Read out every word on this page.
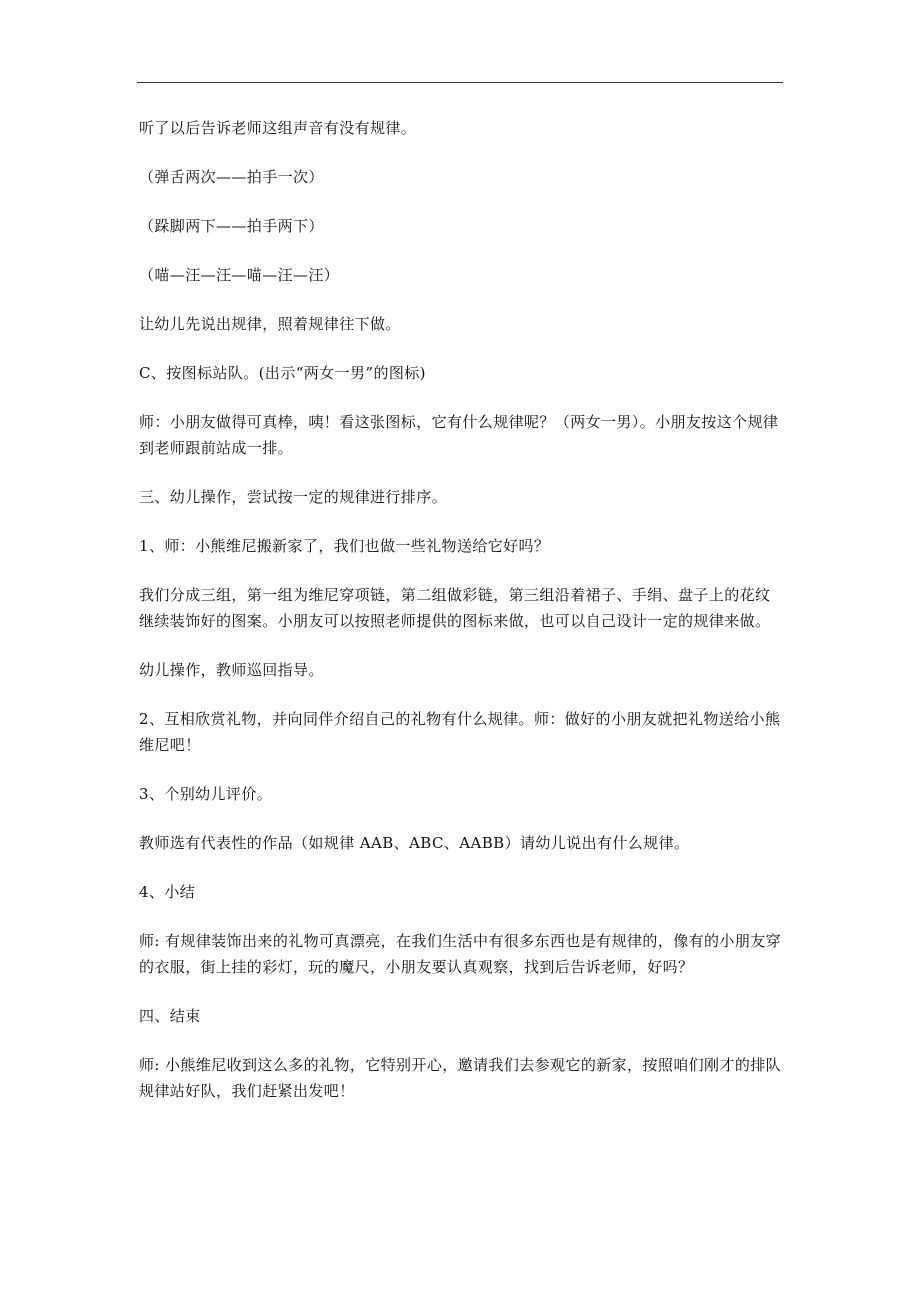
听了以后告诉老师这组声音有没有规律。

（弹舌两次——拍手一次）

（跺脚两下——拍手两下）

（喵—汪—汪—喵—汪—汪）

让幼儿先说出规律，照着规律往下做。

C、按图标站队。(出示“两女一男”的图标)

师：小朋友做得可真棒，咦！看这张图标，它有什么规律呢？（两女一男）。小朋友按这个规律到老师跟前站成一排。

三、幼儿操作，尝试按一定的规律进行排序。

1、师：小熊维尼搬新家了，我们也做一些礼物送给它好吗？

我们分成三组，第一组为维尼穿项链，第二组做彩链，第三组沿着裙子、手绢、盘子上的花纹继续装饰好的图案。小朋友可以按照老师提供的图标来做，也可以自己设计一定的规律来做。

幼儿操作，教师巡回指导。

2、互相欣赏礼物，并向同伴介绍自己的礼物有什么规律。师：做好的小朋友就把礼物送给小熊维尼吧！

3、个别幼儿评价。

教师选有代表性的作品（如规律 AAB、ABC、AABB）请幼儿说出有什么规律。

4、小结

师: 有规律装饰出来的礼物可真漂亮，在我们生活中有很多东西也是有规律的，像有的小朋友穿的衣服，街上挂的彩灯，玩的魔尺，小朋友要认真观察，找到后告诉老师，好吗？

四、结束

师: 小熊维尼收到这么多的礼物，它特别开心，邀请我们去参观它的新家，按照咱们刚才的排队规律站好队，我们赶紧出发吧！
